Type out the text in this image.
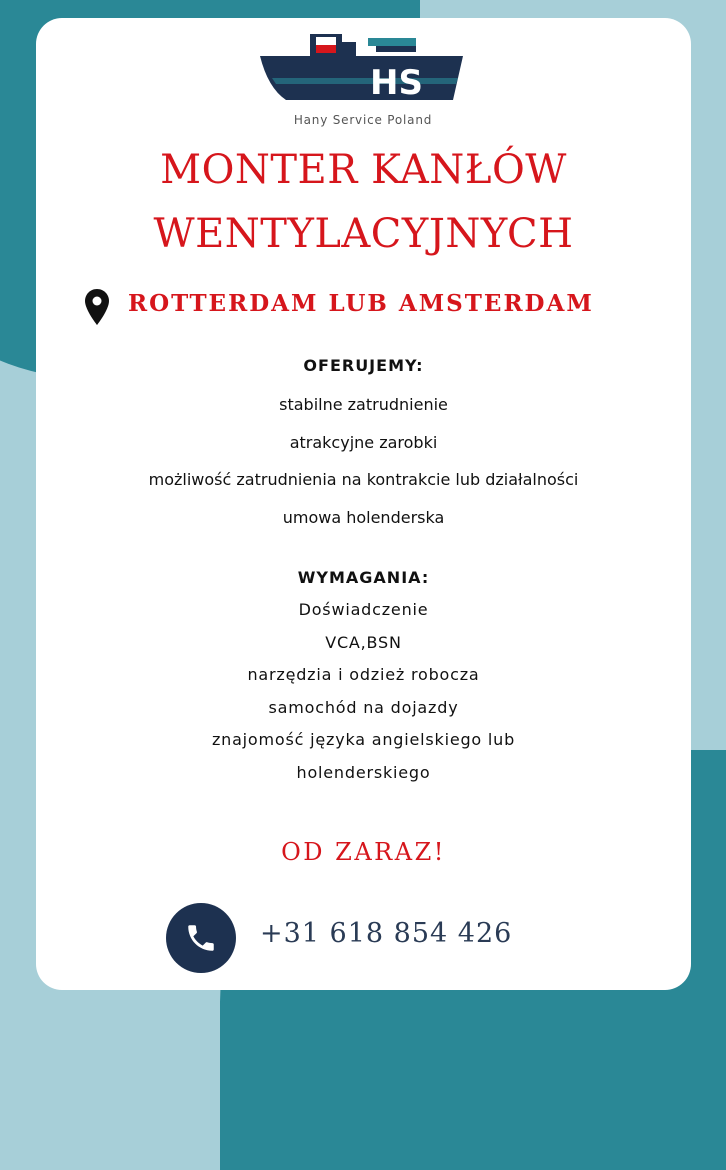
HS
Hany Service Poland
MONTER KANŁÓW
WENTYLACYJNYCH
ROTTERDAM LUB AMSTERDAM
OFERUJEMY:
stabilne zatrudnienie
atrakcyjne zarobki
możliwość zatrudnienia na kontrakcie lub działalności
umowa holenderska
WYMAGANIA:
Doświadczenie
VCA,BSN
narzędzia i odzież robocza
samochód na dojazdy
znajomość języka angielskiego lub
holenderskiego
OD ZARAZ!
+31 618 854 426
